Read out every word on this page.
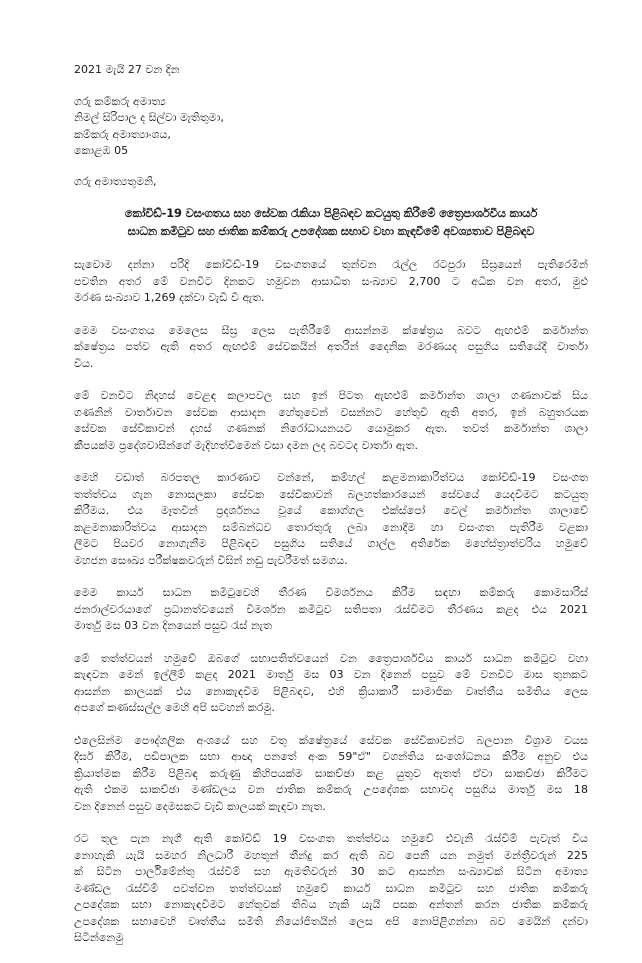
2021 මැයි 27 වන දින
ගරු කම්කරු අමාත්‍ය
නිමල් සිරිපාල ද සිල්වා මැතිතුමා,
කම්කරු අමාත්‍යාංශය,
කොළඹ 05
ගරු අමාත්‍යතුමනි,
කෝවිඩ්-19 වසංගතය සහ සේවක රැකියා පිළිබඳව කටයුතු කිරීමේ ත්‍රෛපාර්ශවීය කාර්ය
සාධන කමිටුව සහ ජාතික කම්කරු උපදේශක සභාව වහා කැඳවීමේ අවශ්‍යතාව පිළිබඳව
සැවොම දන්නා පරිදි කෝවිඩ්-19 වසංගතයේ තුන්වන රැල්ල රටපුරා සීඝ්‍රයෙන් පැතිරෙමින්
පවතින අතර මේ වනවිට දිනකට හමුවන ආසාධිත සංඛ්‍යාව 2,700 ට අධික වන අතර, මුළු
මරණ සංඛ්‍යාව 1,269 දක්වා වැඩි වී ඇත.
මෙම වසංගතය මෙලෙස සීඝ්‍ර ලෙස පැතිරීමේ ආසන්නම ක්ෂේත්‍රය බවට ඇඟළුම් කර්මාන්ත
ක්ෂේත්‍රය පත්ව ඇති අතර ඇඟළුම් සේවකයින් අතරින් දෛනික මරණයද පසුගිය සතියේදී වාර්තා
විය.
මේ වනවිට නිදහස් වෙළඳ කලාපවල සහ ඉන් පිටත ඇඟළුම් කර්මාන්ත ශාලා ගණනාවක් සිය
ගණනින් වාර්තාවන සේවක ආසාදන හේතුවෙන් වසන්නට හේතුවී ඇති අතර, ඉන් බහුතරයක
සේවක සේවිකාවන් දහස් ගණනක් නිරෝධායනයට යොමුකර ඇත. තවත් කර්මාන්ත ශාලා
කීපයක්ම ප්‍රදේශවාසීන්ගේ මැදිහත්වීමෙන් වසා දමන ලද බවටද වාර්තා ඇත.
මෙහි වඩාත් බරපතල කාරණාව වන්නේ, කම්හල් කළමනාකාරිත්වය කෝවිඩ්-19 වසංගත
තත්ත්වය ගැන නොසලකා සේවක සේවිකාවන් බලහත්කාරයෙන් සේවයේ යෙදවීමට කටයුතු
කිරීමය. එය මෑතවීන් ප්‍රදර්ශනය වූයේ කොග්ගල එක්ස්පෝ වෙල් කර්මාන්ත ශාලාවේ
කළමනාකාරිත්වය ආසාදන සම්බන්ධව තොරතුරු ලබා නොදීම හා වසංගත පැතිරීම වළකා
ලීමට පියවර නොගැනීම පිළිබඳව පසුගිය සතියේ ගාල්ල අතිරේක මහේස්ත්‍රාත්වරිය හමුවේ
මහජන සෞඛ්‍ය පරීක්ෂකවරුන් විසින් නඩු පැවරීමත් සමගය.
මෙම කාර්ය සාධන කමිටුවෙහි තීරණ විමර්ශනය කිරීම සඳහා කම්කරු කොමසාරිස්
ජනරාල්වරයාගේ ප්‍රධානත්වයෙන් විමර්ශන කමිටුව සතිපතා රැස්වීමට තීරණය කළද එය 2021
මාර්තු මස 03 වන දිනයෙන් පසුව රැස් නැත
මේ තත්ත්වයන් හමුවේ ඔබගේ සභාපතිත්වයෙන් වන ත්‍රෛපාර්ශවීය කාර්ය සාධන කමිටුව වහා
කැඳවන මෙන් ඉල්ලීම් කළද 2021 මාර්තු මස 03 වන දිනෙන් පසුව මේ වනවිට මාස තුනකට
ආසන්න කාලයක් එය නොකැඳවීම පිළිබඳව, එහි ක්‍රියාකාරී සාමාජික වෘත්තීය සමිතිය ලෙස
අපගේ කණස්සල්ල මෙහි අපි සටහන් කරමු.
එලෙසින්ම පෞද්ගලික අංශයේ සහ වතු ක්ෂේත්‍රයේ සේවක සේවිකාවන්ට බලපාන විශ්‍රාම වයස
දීර්ඝ කිරීම, පඩිපාලක සභා ආඥා පනතේ අංක 59"ඒ" වගන්තිය සංශෝධනය කිරීම අනුව එය
ක්‍රියාත්මක කිරීම පිළිබඳ කරුණු කිහිපයක්ම සාකච්ඡා කළ යුතුව ඇතත් ඒවා සාකච්ඡා කිරීමට
ඇති එකම සාකච්ඡා මණ්ඩලය වන ජාතික කම්කරු උපදේශක සභාවද පසුගිය මාර්තු මස 18
වන දිනෙන් පසුව දෙමසකට වැඩි කාලයක් කැඳවා නැත.
රට තුල පැන නැගී ඇති කෝවිඩ් 19 වසංගත තත්ත්වය හමුවේ එවැනි රැස්වීම් පැවැත් විය
නොහැකි යැයි සමහර නිලධාරී මහතුන් තීන්දු කර ඇති බව පෙනී යන නමුත් මන්ත්‍රීවරුන් 225
ක් සිටින පාර්ලිමේන්තු රැස්වීම් සහ ඇමතිවරුන් 30 කට ආසන්න සංඛ්‍යාවක් සිටින අමාත්‍ය
මණ්ඩල රැස්වීම් පවත්වන තත්ත්වයක් හමුවේ කාර්ය සාධන කමිටුව සහ ජාතික කම්කරු
උපදේශක සභා නොකැඳවීමට හේතුවක් තිබිය හැකි යැයි පසක අන්තන් කරන ජාතික කම්කරු
උපදේශක සභාවෙහි වෘත්තීය සමිති නියෝජිතයින් ලෙස අපි නොපිළිගන්නා බව මෙයින් දන්වා
සිටින්නෙමු
